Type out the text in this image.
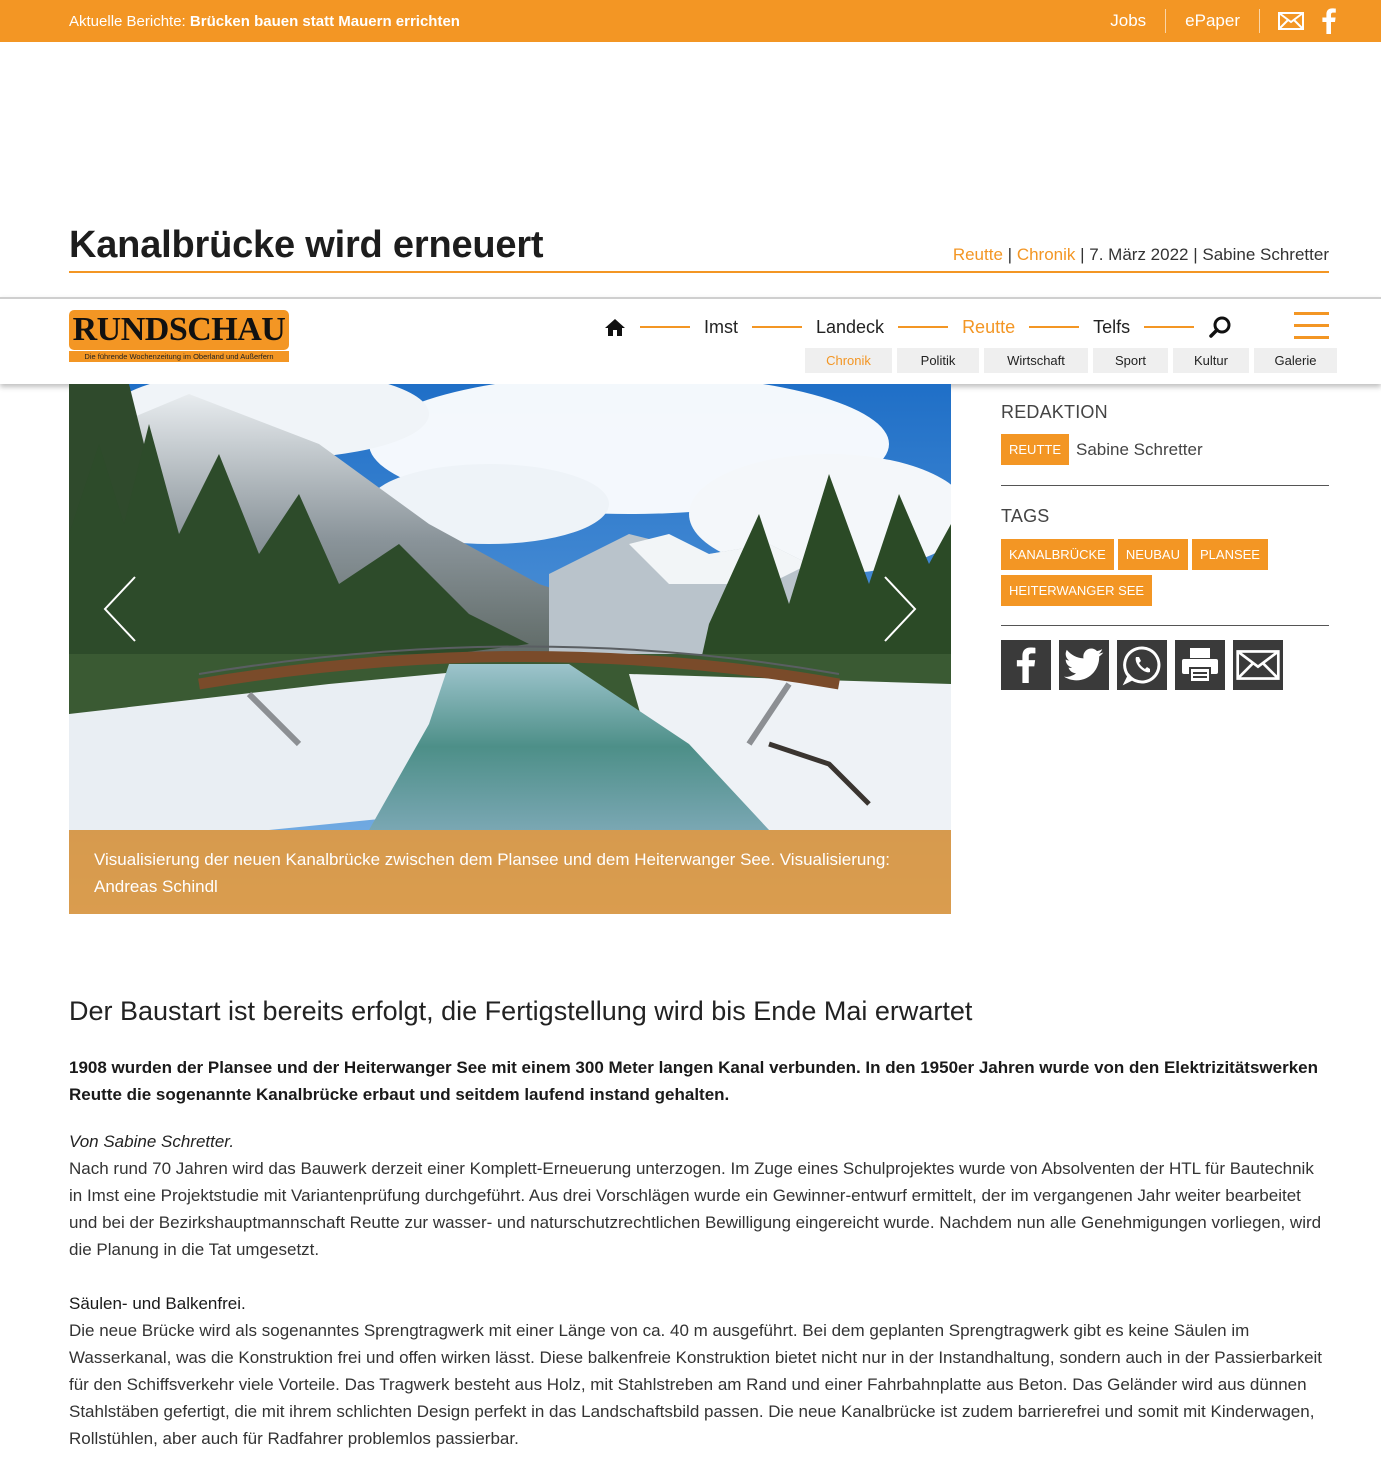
Aktuelle Berichte: Brücken bauen statt Mauern errichten	Jobs	ePaper
Kanalbrücke wird erneuert	Reutte | Chronik | 7. März 2022 | Sabine Schretter
RUNDSCHAU
Die führende Wochenzeitung im Oberland und Außerfern
Imst	Landeck	Reutte	Telfs
Chronik	Politik	Wirtschaft	Sport	Kultur	Galerie
Visualisierung der neuen Kanalbrücke zwischen dem Plansee und dem Heiterwanger See. Visualisierung: Andreas Schindl
REDAKTION
REUTTE Sabine Schretter
TAGS
KANALBRÜCKE	NEUBAU	PLANSEE
HEITERWANGER SEE
Der Baustart ist bereits erfolgt, die Fertigstellung wird bis Ende Mai erwartet

1908 wurden der Plansee und der Heiterwanger See mit einem 300 Meter langen Kanal verbunden. In den 1950er Jahren wurde von den Elektrizitätswerken Reutte die sogenannte Kanalbrücke erbaut und seitdem laufend instand gehalten.

Von Sabine Schretter.

Nach rund 70 Jahren wird das Bauwerk derzeit einer Komplett-Erneuerung unterzogen. Im Zuge eines Schulprojektes wurde von Absolventen der HTL für Bautechnik in Imst eine Projektstudie mit Variantenprüfung durchgeführt. Aus drei Vorschlägen wurde ein Gewinner-entwurf ermittelt, der im vergangenen Jahr weiter bearbeitet und bei der Bezirkshauptmannschaft Reutte zur wasser- und naturschutzrechtlichen Bewilligung eingereicht wurde. Nachdem nun alle Genehmigungen vorliegen, wird die Planung in die Tat umgesetzt.

Säulen- und Balkenfrei.

Die neue Brücke wird als sogenanntes Sprengtragwerk mit einer Länge von ca. 40 m ausgeführt. Bei dem geplanten Sprengtragwerk gibt es keine Säulen im Wasserkanal, was die Konstruktion frei und offen wirken lässt. Diese balkenfreie Konstruktion bietet nicht nur in der Instandhaltung, sondern auch in der Passierbarkeit für den Schiffsverkehr viele Vorteile. Das Tragwerk besteht aus Holz, mit Stahlstreben am Rand und einer Fahrbahnplatte aus Beton. Das Geländer wird aus dünnen Stahlstäben gefertigt, die mit ihrem schlichten Design perfekt in das Landschaftsbild passen. Die neue Kanalbrücke ist zudem barrierefrei und somit mit Kinderwagen, Rollstühlen, aber auch für Radfahrer problemlos passierbar.
